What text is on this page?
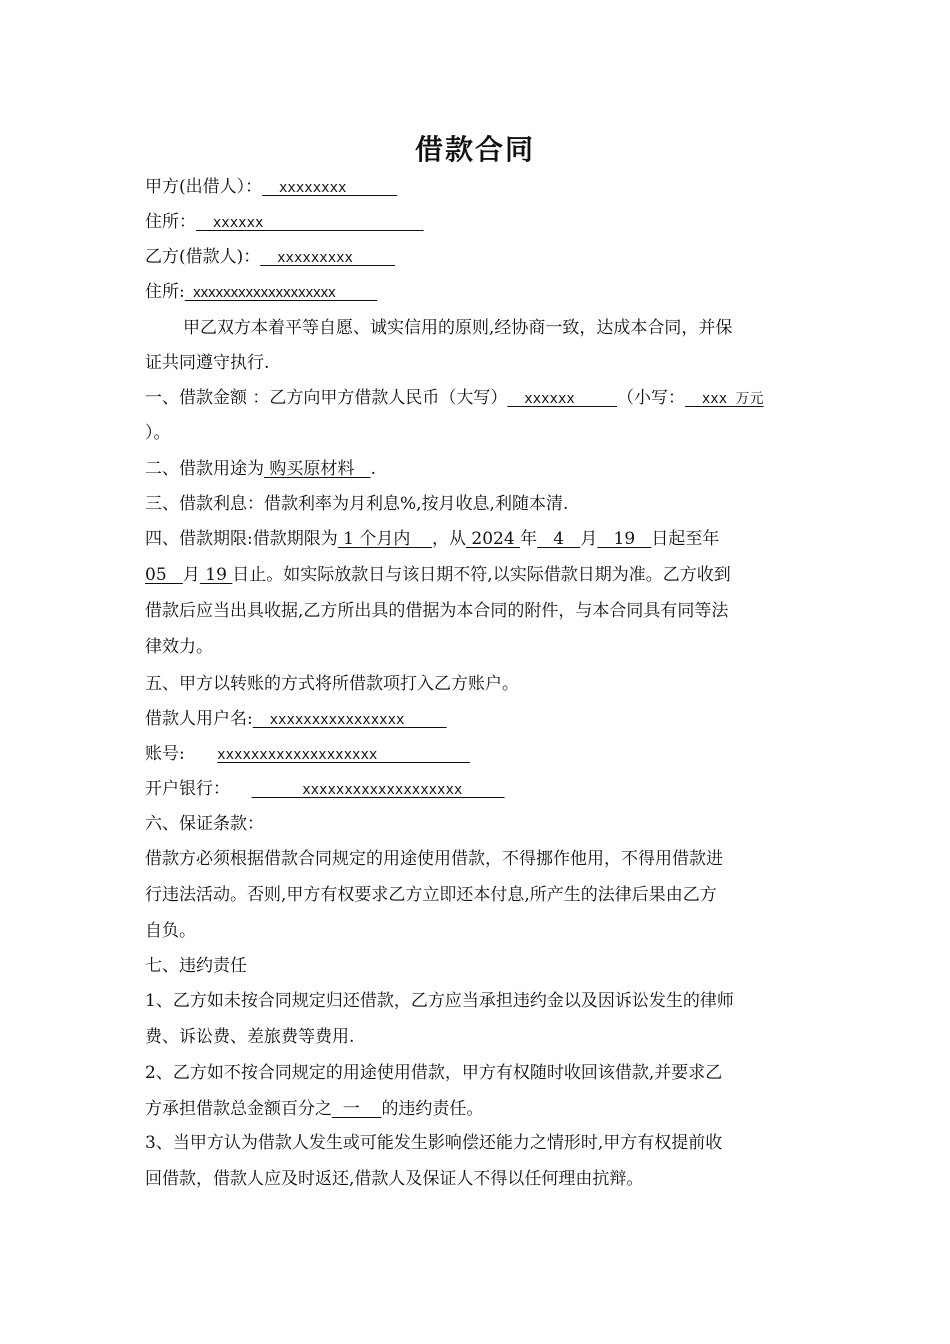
借款合同
甲方(出借人）：  xxxxxxxx
住所：  xxxxxx
乙方(借款人)：  xxxxxxxxx
住所:  xxxxxxxxxxxxxxxxxxx
甲乙双方本着平等自愿、诚实信用的原则,经协商一致，达成本合同，并保
证共同遵守执行.
一、借款金额 ：乙方向甲方借款人民币（大写）  xxxxxx     （小写：  xxx 万元
）。
二、借款用途为 购买原材料   .
三、借款利息：借款利率为月利息%,按月收息,利随本清.
四、借款期限:借款期限为 1 个月内    ，从 2024 年   4   月   19   日起至年
05   月 19 日止。如实际放款日与该日期不符,以实际借款日期为准。乙方收到
借款后应当出具收据,乙方所出具的借据为本合同的附件，与本合同具有同等法
律效力。
五、甲方以转账的方式将所借款项打入乙方账户。
借款人用户名:  xxxxxxxxxxxxxxxx
账号:      xxxxxxxxxxxxxxxxxxx
开户银行：          xxxxxxxxxxxxxxxxxxx
六、保证条款：
借款方必须根据借款合同规定的用途使用借款，不得挪作他用，不得用借款进
行违法活动。否则,甲方有权要求乙方立即还本付息,所产生的法律后果由乙方
自负。
七、违约责任
1、乙方如未按合同规定归还借款，乙方应当承担违约金以及因诉讼发生的律师
费、诉讼费、差旅费等费用.
2、乙方如不按合同规定的用途使用借款，甲方有权随时收回该借款,并要求乙
方承担借款总金额百分之  一    的违约责任。
3、当甲方认为借款人发生或可能发生影响偿还能力之情形时,甲方有权提前收
回借款，借款人应及时返还,借款人及保证人不得以任何理由抗辩。
